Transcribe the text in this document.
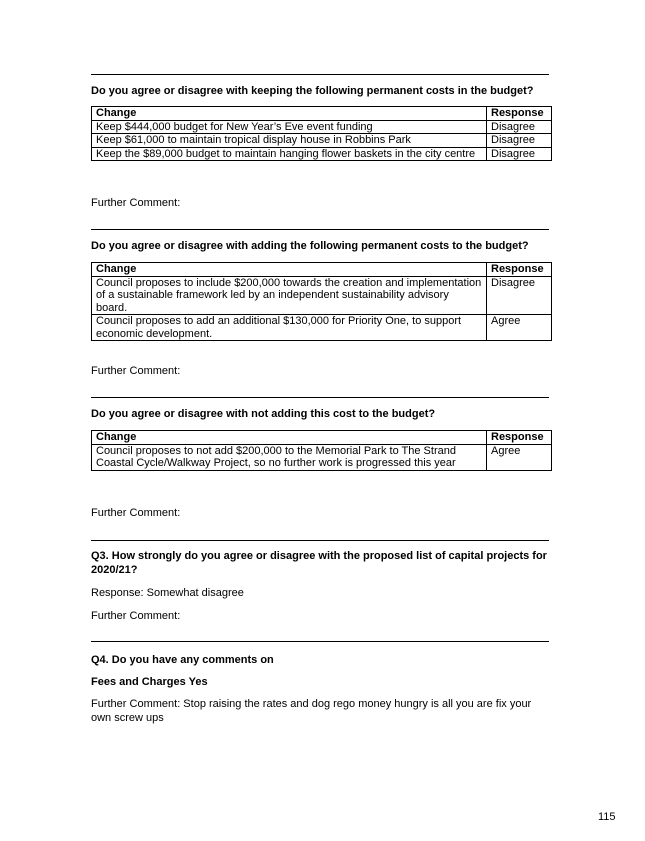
Do you agree or disagree with keeping the following permanent costs in the budget?
Change	Response
Keep $444,000 budget for New Year’s Eve event funding	Disagree
Keep $61,000 to maintain tropical display house in Robbins Park	Disagree
Keep the $89,000 budget to maintain hanging flower baskets in the city centre	Disagree
Further Comment:
Do you agree or disagree with adding the following permanent costs to the budget?
Change	Response
Council proposes to include $200,000 towards the creation and implementation of a sustainable framework led by an independent sustainability advisory board.	Disagree
Council proposes to add an additional $130,000 for Priority One, to support economic development.	Agree
Further Comment:
Do you agree or disagree with not adding this cost to the budget?
Change	Response
Council proposes to not add $200,000 to the Memorial Park to The Strand Coastal Cycle/Walkway Project, so no further work is progressed this year	Agree
Further Comment:
Q3. How strongly do you agree or disagree with the proposed list of capital projects for 2020/21?
Response: Somewhat disagree
Further Comment:
Q4. Do you have any comments on
Fees and Charges Yes
Further Comment: Stop raising the rates and dog rego money hungry is all you are fix your own screw ups
115
